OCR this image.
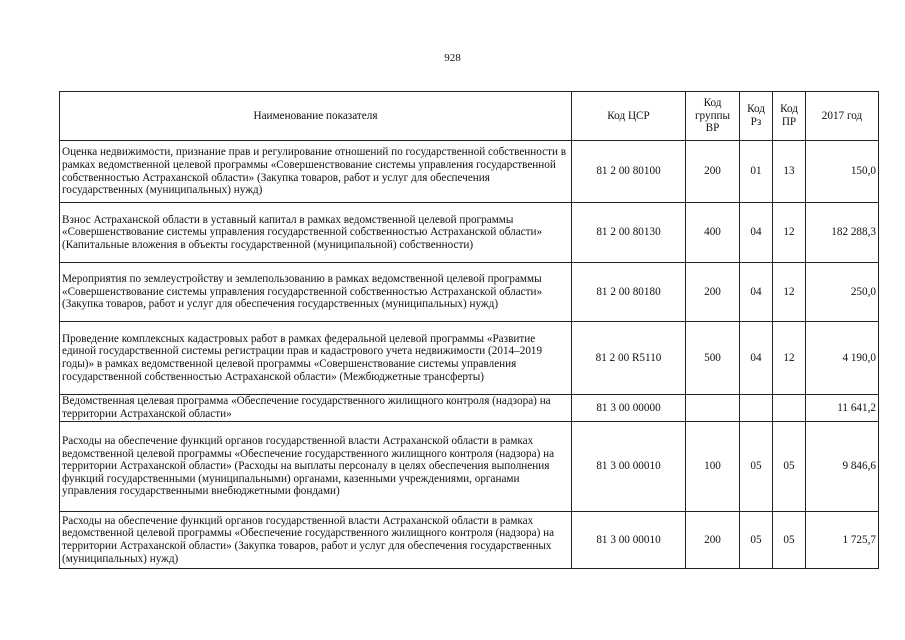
928
Наименование показателя	Код ЦСР	Код группы ВР	Код Рз	Код ПР	2017 год
Оценка недвижимости, признание прав и регулирование отношений по государственной собственности в рамках ведомственной целевой программы «Совершенствование системы управления государственной собственностью Астраханской области» (Закупка товаров, работ и услуг для обеспечения государственных (муниципальных) нужд)	81 2 00 80100	200	01	13	150,0
Взнос Астраханской области в уставный капитал в рамках ведомственной целевой программы «Совершенствование системы управления государственной собственностью Астраханской области» (Капитальные вложения в объекты государственной (муниципальной) собственности)	81 2 00 80130	400	04	12	182 288,3
Мероприятия по землеустройству и землепользованию в рамках ведомственной целевой программы «Совершенствование системы управления государственной собственностью Астраханской области» (Закупка товаров, работ и услуг для обеспечения государственных (муниципальных) нужд)	81 2 00 80180	200	04	12	250,0
Проведение комплексных кадастровых работ в рамках федеральной целевой программы «Развитие единой государственной системы регистрации прав и кадастрового учета недвижимости (2014–2019 годы)» в рамках ведомственной целевой программы «Совершенствование системы управления государственной собственностью Астраханской области» (Межбюджетные трансферты)	81 2 00 R5110	500	04	12	4 190,0
Ведомственная целевая программа «Обеспечение государственного жилищного контроля (надзора) на территории Астраханской области»	81 3 00 00000				11 641,2
Расходы на обеспечение функций органов государственной власти Астраханской области в рамках ведомственной целевой программы «Обеспечение государственного жилищного контроля (надзора) на территории Астраханской области» (Расходы на выплаты персоналу в целях обеспечения выполнения функций государственными (муниципальными) органами, казенными учреждениями, органами управления государственными внебюджетными фондами)	81 3 00 00010	100	05	05	9 846,6
Расходы на обеспечение функций органов государственной власти Астраханской области в рамках ведомственной целевой программы «Обеспечение государственного жилищного контроля (надзора) на территории Астраханской области» (Закупка товаров, работ и услуг для обеспечения государственных (муниципальных) нужд)	81 3 00 00010	200	05	05	1 725,7
